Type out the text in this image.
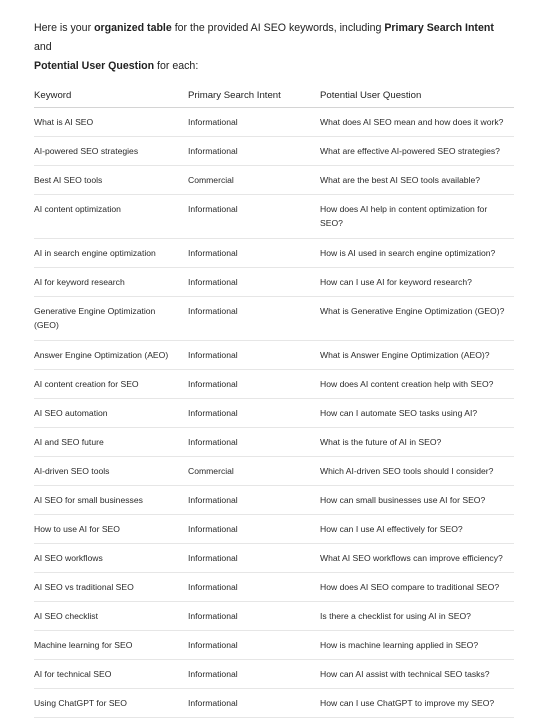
Here is your organized table for the provided AI SEO keywords, including Primary Search Intent and
Potential User Question for each:

Keyword	Primary Search Intent	Potential User Question
What is AI SEO	Informational	What does AI SEO mean and how does it work?
AI-powered SEO strategies	Informational	What are effective AI-powered SEO strategies?
Best AI SEO tools	Commercial	What are the best AI SEO tools available?
AI content optimization	Informational	How does AI help in content optimization for SEO?
AI in search engine optimization	Informational	How is AI used in search engine optimization?
AI for keyword research	Informational	How can I use AI for keyword research?
Generative Engine Optimization (GEO)	Informational	What is Generative Engine Optimization (GEO)?
Answer Engine Optimization (AEO)	Informational	What is Answer Engine Optimization (AEO)?
AI content creation for SEO	Informational	How does AI content creation help with SEO?
AI SEO automation	Informational	How can I automate SEO tasks using AI?
AI and SEO future	Informational	What is the future of AI in SEO?
AI-driven SEO tools	Commercial	Which AI-driven SEO tools should I consider?
AI SEO for small businesses	Informational	How can small businesses use AI for SEO?
How to use AI for SEO	Informational	How can I use AI effectively for SEO?
AI SEO workflows	Informational	What AI SEO workflows can improve efficiency?
AI SEO vs traditional SEO	Informational	How does AI SEO compare to traditional SEO?
AI SEO checklist	Informational	Is there a checklist for using AI in SEO?
Machine learning for SEO	Informational	How is machine learning applied in SEO?
AI for technical SEO	Informational	How can AI assist with technical SEO tasks?
Using ChatGPT for SEO	Informational	How can I use ChatGPT to improve my SEO?
